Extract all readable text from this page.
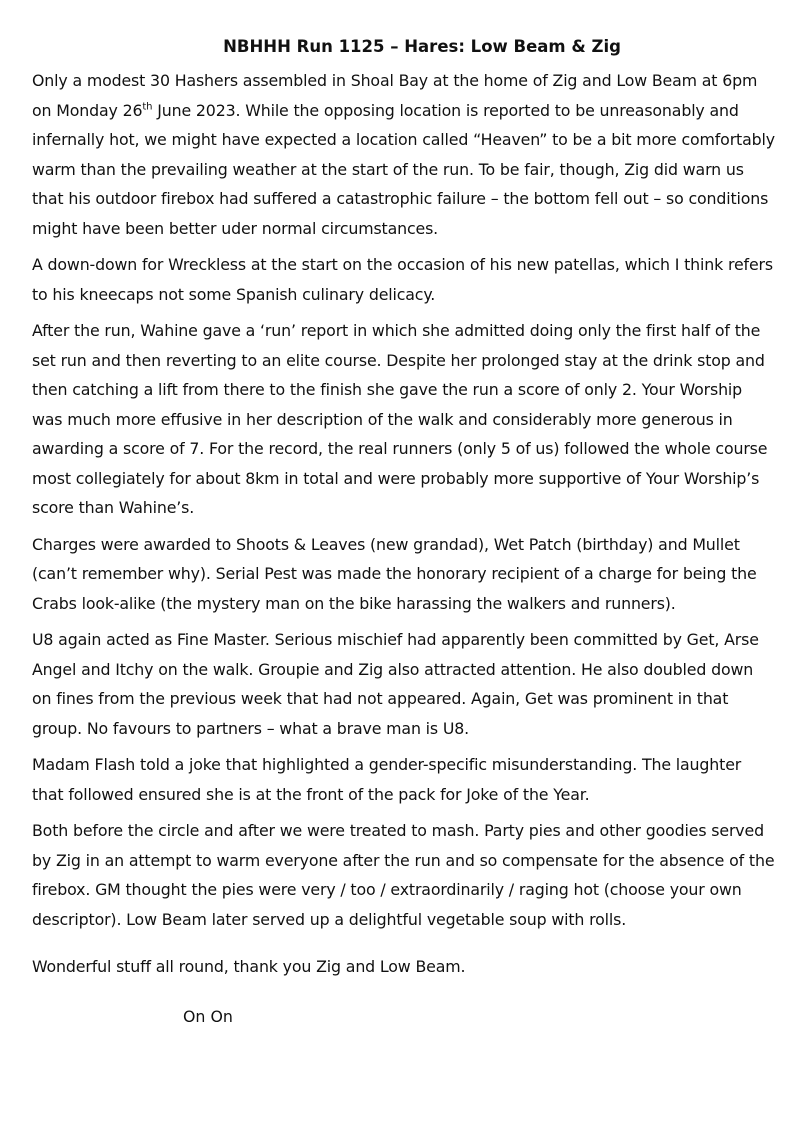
NBHHH Run 1125 – Hares: Low Beam & Zig

Only a modest 30 Hashers assembled in Shoal Bay at the home of Zig and Low Beam at 6pm on Monday 26th June 2023. While the opposing location is reported to be unreasonably and infernally hot, we might have expected a location called “Heaven” to be a bit more comfortably warm than the prevailing weather at the start of the run. To be fair, though, Zig did warn us that his outdoor firebox had suffered a catastrophic failure – the bottom fell out – so conditions might have been better uder normal circumstances.

A down-down for Wreckless at the start on the occasion of his new patellas, which I think refers to his kneecaps not some Spanish culinary delicacy.

After the run, Wahine gave a ‘run’ report in which she admitted doing only the first half of the set run and then reverting to an elite course. Despite her prolonged stay at the drink stop and then catching a lift from there to the finish she gave the run a score of only 2. Your Worship was much more effusive in her description of the walk and considerably more generous in awarding a score of 7. For the record, the real runners (only 5 of us) followed the whole course most collegiately for about 8km in total and were probably more supportive of Your Worship’s score than Wahine’s.

Charges were awarded to Shoots & Leaves (new grandad), Wet Patch (birthday) and Mullet (can’t remember why). Serial Pest was made the honorary recipient of a charge for being the Crabs look-alike (the mystery man on the bike harassing the walkers and runners).

U8 again acted as Fine Master. Serious mischief had apparently been committed by Get, Arse Angel and Itchy on the walk. Groupie and Zig also attracted attention. He also doubled down on fines from the previous week that had not appeared. Again, Get was prominent in that group. No favours to partners – what a brave man is U8.

Madam Flash told a joke that highlighted a gender-specific misunderstanding. The laughter that followed ensured she is at the front of the pack for Joke of the Year.

Both before the circle and after we were treated to mash. Party pies and other goodies served by Zig in an attempt to warm everyone after the run and so compensate for the absence of the firebox. GM thought the pies were very / too / extraordinarily / raging hot (choose your own descriptor). Low Beam later served up a delightful vegetable soup with rolls.

Wonderful stuff all round, thank you Zig and Low Beam.

On On
